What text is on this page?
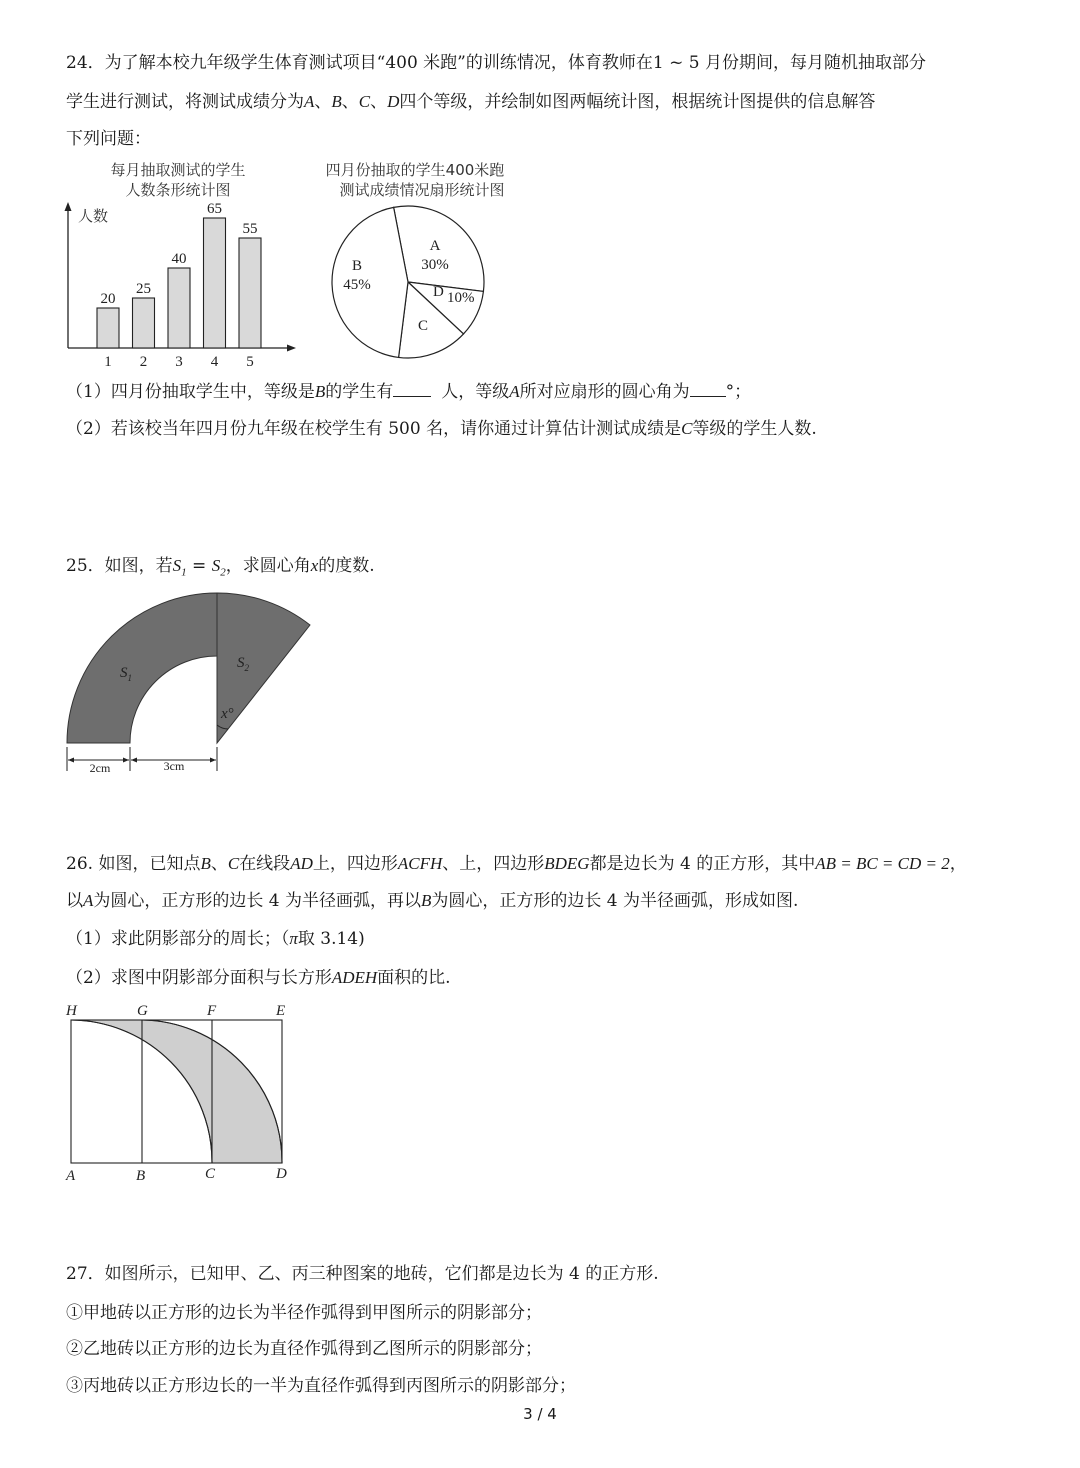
24．为了解本校九年级学生体育测试项目“400 米跑”的训练情况，体育教师在1 ~ 5 月份期间，每月随机抽取部分
学生进行测试，将测试成绩分为A、B、C、D四个等级，并绘制如图两幅统计图，根据统计图提供的信息解答
下列问题：
每月抽取测试的学生
人数条形统计图
人数
20
1
25
2
40
3
65
4
55
5
四月份抽取的学生400米跑
测试成绩情况扇形统计图
A
30%
D 10%
C
B
45%
（1）四月份抽取学生中，等级是B的学生有	人，等级A所对应扇形的圆心角为 °；
（2）若该校当年四月份九年级在校学生有 500 名，请你通过计算估计测试成绩是C等级的学生人数.
25．如图，若$S_1 = S_2$，求圆心角x的度数.
$S_1$
$S_2$
x°
2cm	3cm
26. 如图，已知点B、C在线段AD上，四边形ACFH、上，四边形BDEG都是边长为 4 的正方形，其中AB = BC = CD = 2，
以A为圆心，正方形的边长 4 为半径画弧，再以B为圆心，正方形的边长 4 为半径画弧，形成如图.
（1）求此阴影部分的周长；（π取 3.14)
（2）求图中阴影部分面积与长方形ADEH面积的比.
H	G	F	E
A	B	C	D
27．如图所示，已知甲、乙、丙三种图案的地砖，它们都是边长为 4 的正方形.
①甲地砖以正方形的边长为半径作弧得到甲图所示的阴影部分；
②乙地砖以正方形的边长为直径作弧得到乙图所示的阴影部分；
③丙地砖以正方形边长的一半为直径作弧得到丙图所示的阴影部分；
3 / 4
